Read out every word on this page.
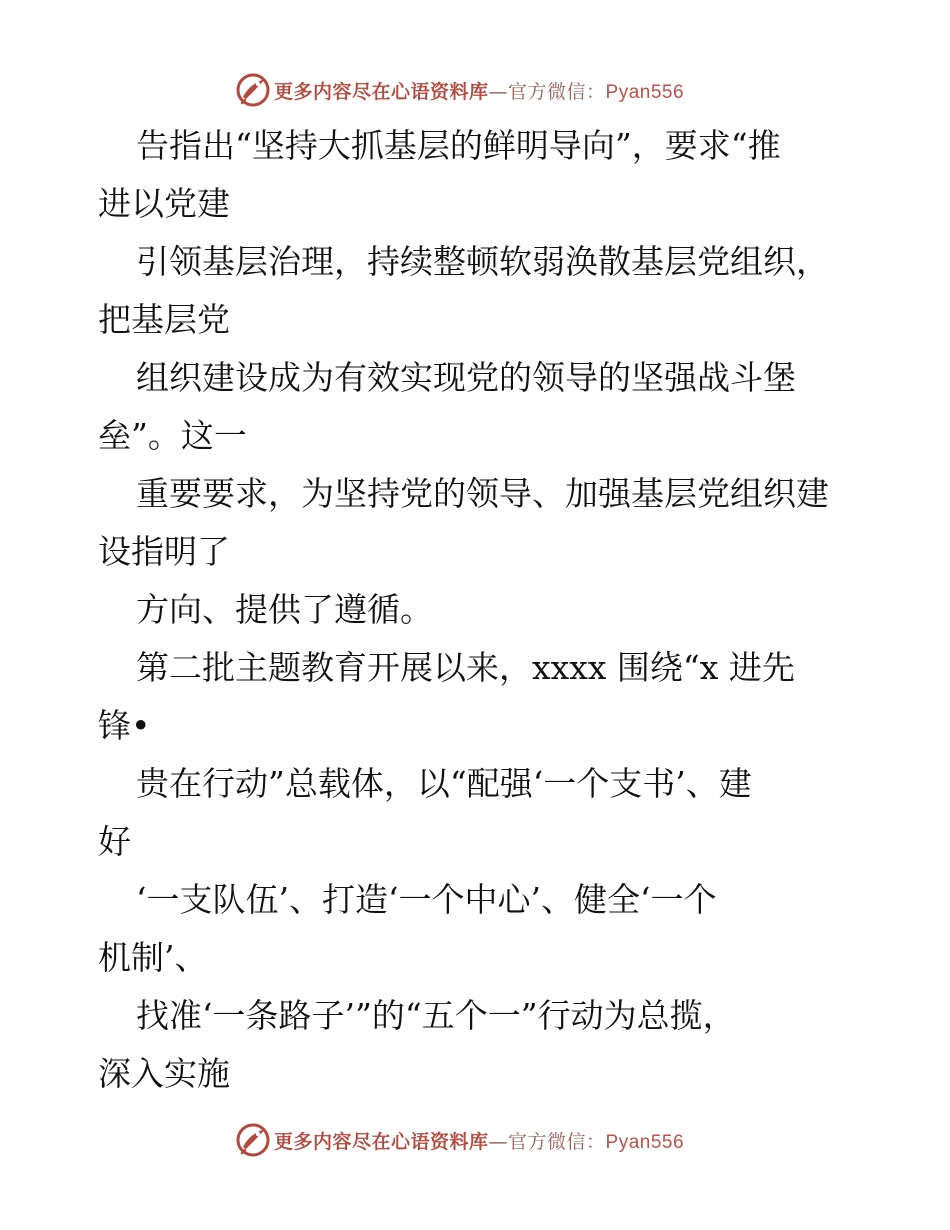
更多内容尽在心语资料库—官方微信：Pyan556
告指出“坚持大抓基层的鲜明导向”，要求“推
进以党建
引领基层治理，持续整顿软弱涣散基层党组织，
把基层党
组织建设成为有效实现党的领导的坚强战斗堡
垒”。这一
重要要求，为坚持党的领导、加强基层党组织建
设指明了
方向、提供了遵循。
第二批主题教育开展以来，xxxx 围绕“x 进先
锋•
贵在行动”总载体，以“配强‘一个支书’、建
好
‘一支队伍’、打造‘一个中心’、健全‘一个
机制’、
找准‘一条路子’”的“五个一”行动为总揽，
深入实施
更多内容尽在心语资料库—官方微信：Pyan556
